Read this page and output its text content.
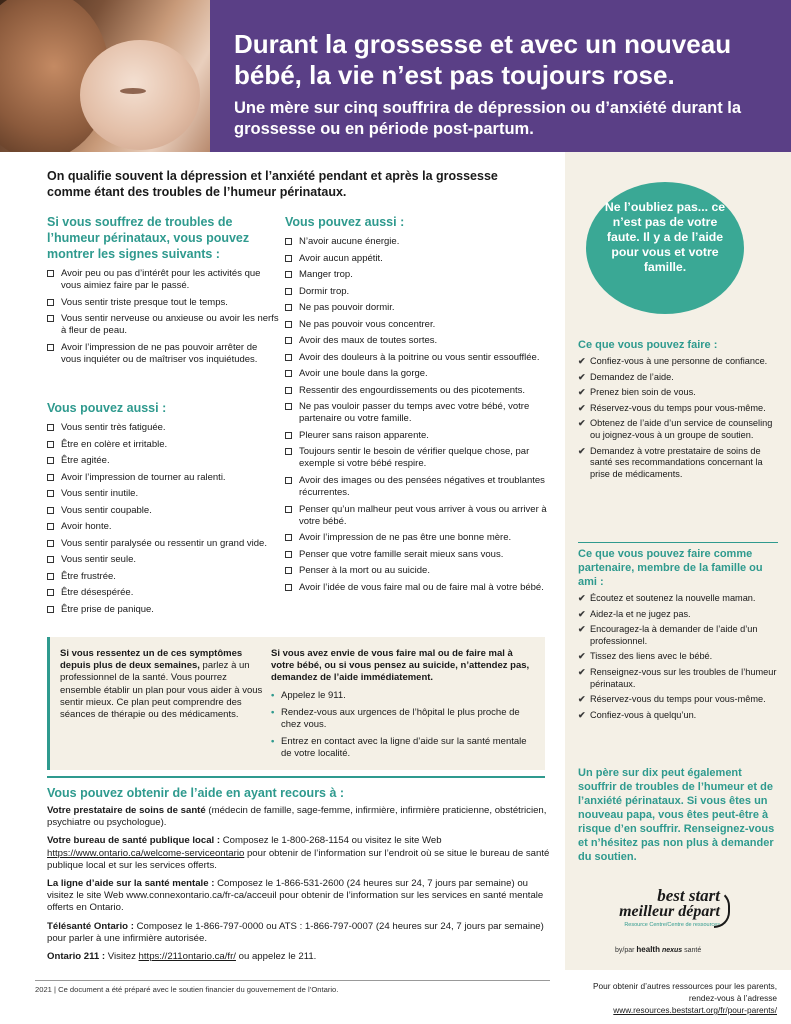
Durant la grossesse et avec un nouveau bébé, la vie n’est pas toujours rose.
Une mère sur cinq souffrira de dépression ou d’anxiété durant la grossesse ou en période post-partum.

On qualifie souvent la dépression et l’anxiété pendant et après la grossesse comme étant des troubles de l’humeur périnataux.

Si vous souffrez de troubles de l’humeur périnataux, vous pouvez montrer les signes suivants :
Avoir peu ou pas d’intérêt pour les activités que vous aimiez faire par le passé.
Vous sentir triste presque tout le temps.
Vous sentir nerveuse ou anxieuse ou avoir les nerfs à fleur de peau.
Avoir l’impression de ne pas pouvoir arrêter de vous inquiéter ou de maîtriser vos inquiétudes.
Vous pouvez aussi :
Vous sentir très fatiguée.
Être en colère et irritable.
Être agitée.
Avoir l’impression de tourner au ralenti.
Vous sentir inutile.
Vous sentir coupable.
Avoir honte.
Vous sentir paralysée ou ressentir un grand vide.
Vous sentir seule.
Être frustrée.
Être désespérée.
Être prise de panique.
Vous pouvez aussi :
N’avoir aucune énergie.
Avoir aucun appétit.
Manger trop.
Dormir trop.
Ne pas pouvoir dormir.
Ne pas pouvoir vous concentrer.
Avoir des maux de toutes sortes.
Avoir des douleurs à la poitrine ou vous sentir essoufflée.
Avoir une boule dans la gorge.
Ressentir des engourdissements ou des picotements.
Ne pas vouloir passer du temps avec votre bébé, votre partenaire ou votre famille.
Pleurer sans raison apparente.
Toujours sentir le besoin de vérifier quelque chose, par exemple si votre bébé respire.
Avoir des images ou des pensées négatives et troublantes récurrentes.
Penser qu’un malheur peut vous arriver à vous ou arriver à votre bébé.
Avoir l’impression de ne pas être une bonne mère.
Penser que votre famille serait mieux sans vous.
Penser à la mort ou au suicide.
Avoir l’idée de vous faire mal ou de faire mal à votre bébé.
Si vous ressentez un de ces symptômes depuis plus de deux semaines, parlez à un professionnel de la santé. Vous pourrez ensemble établir un plan pour vous aider à vous sentir mieux. Ce plan peut comprendre des séances de thérapie ou des médicaments.
Si vous avez envie de vous faire mal ou de faire mal à votre bébé, ou si vous pensez au suicide, n’attendez pas, demandez de l’aide immédiatement.
• Appelez le 911.
• Rendez-vous aux urgences de l’hôpital le plus proche de chez vous.
• Entrez en contact avec la ligne d’aide sur la santé mentale de votre localité.
Vous pouvez obtenir de l’aide en ayant recours à :

Votre prestataire de soins de santé (médecin de famille, sage-femme, infirmière, infirmière praticienne, obstétricien, psychiatre ou psychologue).

Votre bureau de santé publique local : Composez le 1-800-268-1154 ou visitez le site Web https://www.ontario.ca/welcome-serviceontario pour obtenir de l’information sur l’endroit où se situe le bureau de santé publique local et sur les services offerts.

La ligne d’aide sur la santé mentale : Composez le 1-866-531-2600 (24 heures sur 24, 7 jours par semaine) ou visitez le site Web www.connexontario.ca/fr-ca/acceuil pour obtenir de l’information sur les services en santé mentale offerts en Ontario.

Télésanté Ontario : Composez le 1-866-797-0000 ou ATS : 1-866-797-0007 (24 heures sur 24, 7 jours par semaine) pour parler à une infirmière autorisée.

Ontario 211 : Visitez https://211ontario.ca/fr/ ou appelez le 211.

2021 | Ce document a été préparé avec le soutien financier du gouvernement de l’Ontario.
Ne l’oubliez pas... ce n’est pas de votre faute. Il y a de l’aide pour vous et votre famille.
Ce que vous pouvez faire :
✔ Confiez-vous à une personne de confiance.
✔ Demandez de l’aide.
✔ Prenez bien soin de vous.
✔ Réservez-vous du temps pour vous-même.
✔ Obtenez de l’aide d’un service de counseling ou joignez-vous à un groupe de soutien.
✔ Demandez à votre prestataire de soins de santé ses recommandations concernant la prise de médicaments.
Ce que vous pouvez faire comme partenaire, membre de la famille ou ami :
✔ Écoutez et soutenez la nouvelle maman.
✔ Aidez-la et ne jugez pas.
✔ Encouragez-la à demander de l’aide d’un professionnel.
✔ Tissez des liens avec le bébé.
✔ Renseignez-vous sur les troubles de l’humeur périnataux.
✔ Réservez-vous du temps pour vous-même.
✔ Confiez-vous à quelqu’un.
Un père sur dix peut également souffrir de troubles de l’humeur et de l’anxiété périnataux. Si vous êtes un nouveau papa, vous êtes peut-être à risque d’en souffrir. Renseignez-vous et n’hésitez pas non plus à demander du soutien.
best start
meilleur départ
Resource Centre/Centre de ressources
by/par health nexus santé
Pour obtenir d’autres ressources pour les parents,
rendez-vous à l’adresse
www.resources.beststart.org/fr/pour-parents/
